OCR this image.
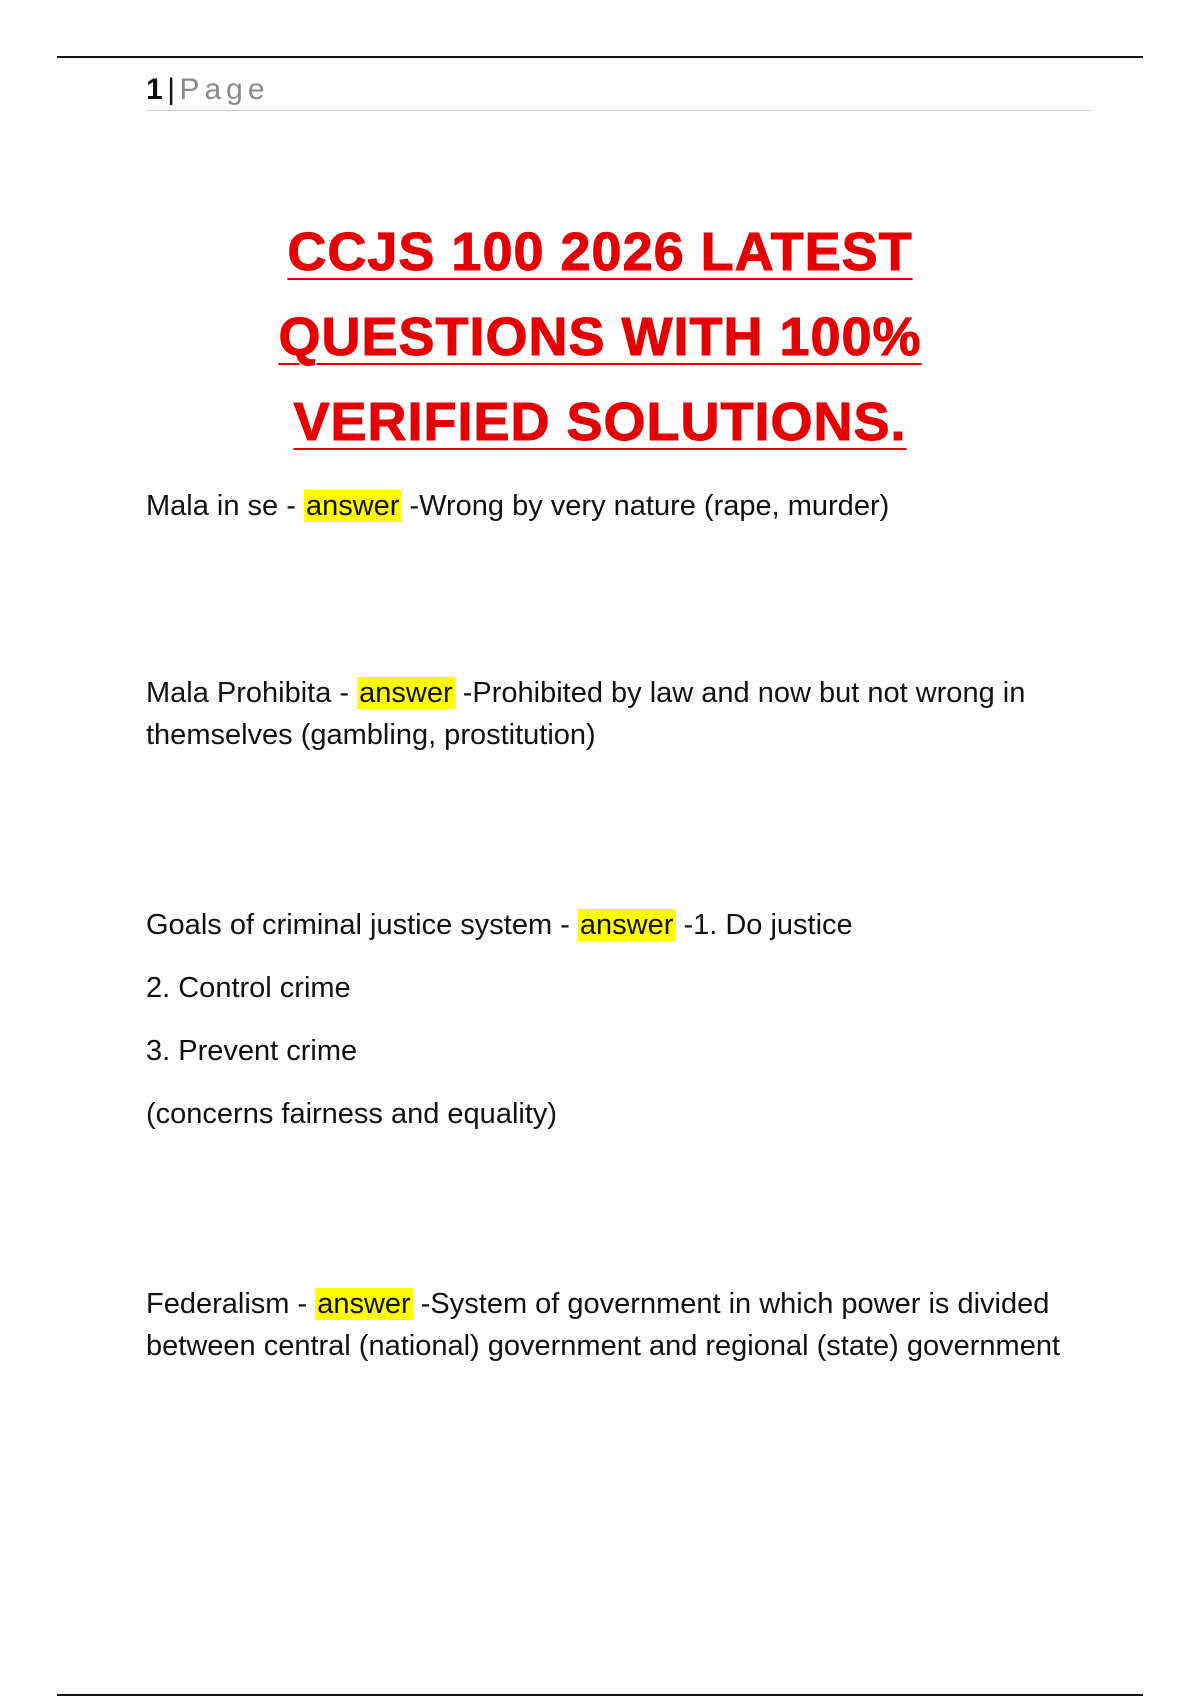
1 | Page
CCJS 100 2026 LATEST
QUESTIONS WITH 100%
VERIFIED SOLUTIONS.
Mala in se - answer -Wrong by very nature (rape, murder)
Mala Prohibita - answer -Prohibited by law and now but not wrong in themselves (gambling, prostitution)
Goals of criminal justice system - answer -1. Do justice
2. Control crime
3. Prevent crime
(concerns fairness and equality)
Federalism - answer -System of government in which power is divided between central (national) government and regional (state) government
